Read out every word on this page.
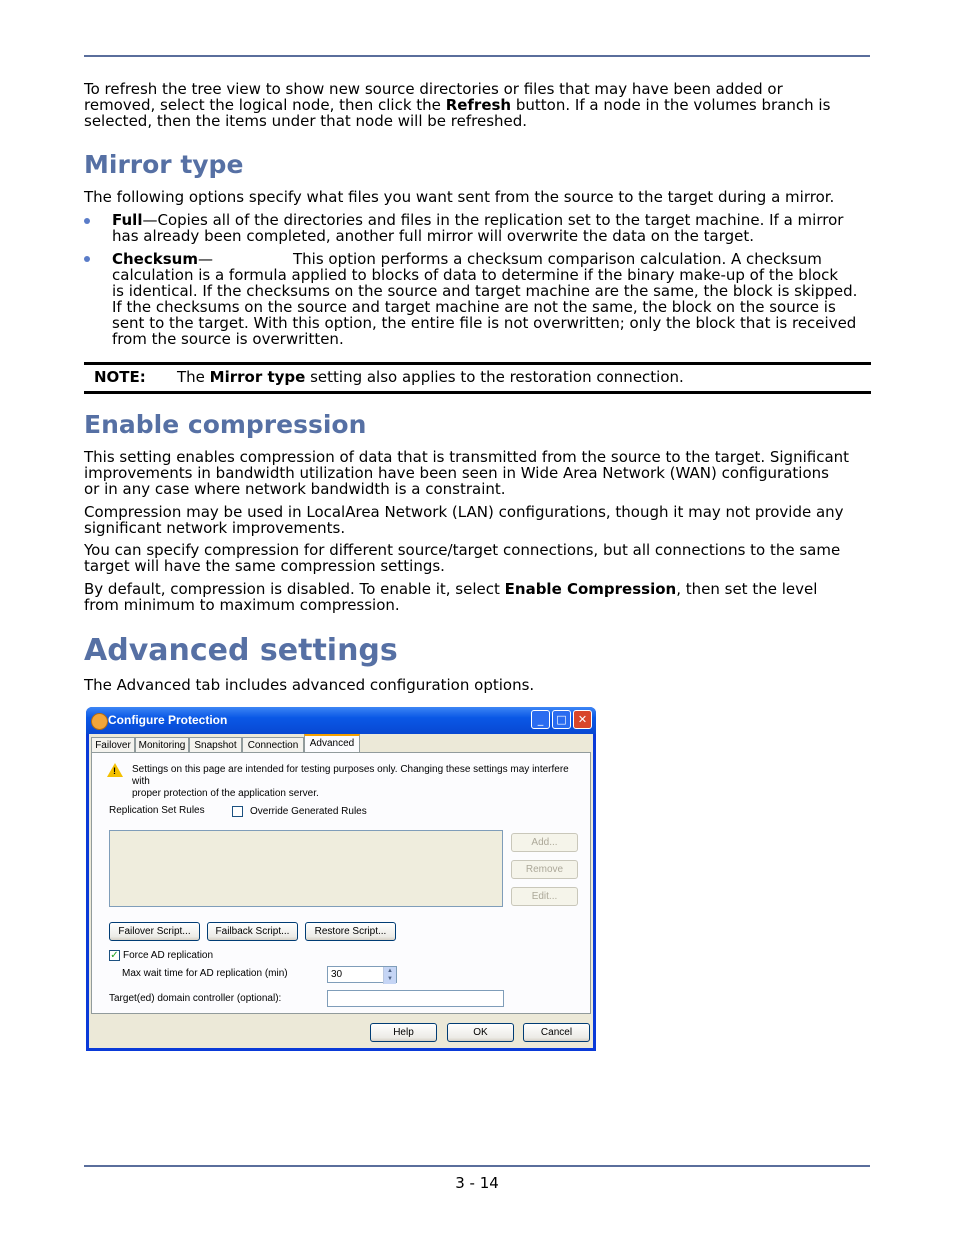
To refresh the tree view to show new source directories or files that may have been added or
removed, select the logical node, then click the Refresh button. If a node in the volumes branch is
selected, then the items under that node will be refreshed.

Mirror type

The following options specify what files you want sent from the source to the target during a mirror.

Full—Copies all of the directories and files in the replication set to the target machine. If a mirror
has already been completed, another full mirror will overwrite the data on the target.

Checksum—	This option performs a checksum comparison calculation. A checksum

calculation is a formula applied to blocks of data to determine if the binary make-up of the block
is identical. If the checksums on the source and target machine are the same, the block is skipped.
If the checksums on the source and target machine are not the same, the block on the source is
sent to the target. With this option, the entire file is not overwritten; only the block that is received
from the source is overwritten.

NOTE: The Mirror type setting also applies to the restoration connection.
Enable compression

This setting enables compression of data that is transmitted from the source to the target. Significant
improvements in bandwidth utilization have been seen in Wide Area Network (WAN) configurations
or in any case where network bandwidth is a constraint.

Compression may be used in LocalArea Network (LAN) configurations, though it may not provide any
significant network improvements.

You can specify compression for different source/target connections, but all connections to the same
target will have the same compression settings.

By default, compression is disabled. To enable it, select Enable Compression, then set the level
from minimum to maximum compression.

Advanced settings

The Advanced tab includes advanced configuration options.

Configure Protection	_	□	✕
Failover Monitoring Snapshot	Connection	Advanced
! Settings on this page are intended for testing purposes only. Changing these settings may interfere with
proper protection of the application server.
Replication Set Rules	Override Generated Rules
Add...
Remove
Edit...
Failover Script...	Failback Script...	Restore Script...
✓ Force AD replication
Max wait time for AD replication (min)	30	▲
▼
Target(ed) domain controller (optional):
Help	OK	Cancel
3 - 14
